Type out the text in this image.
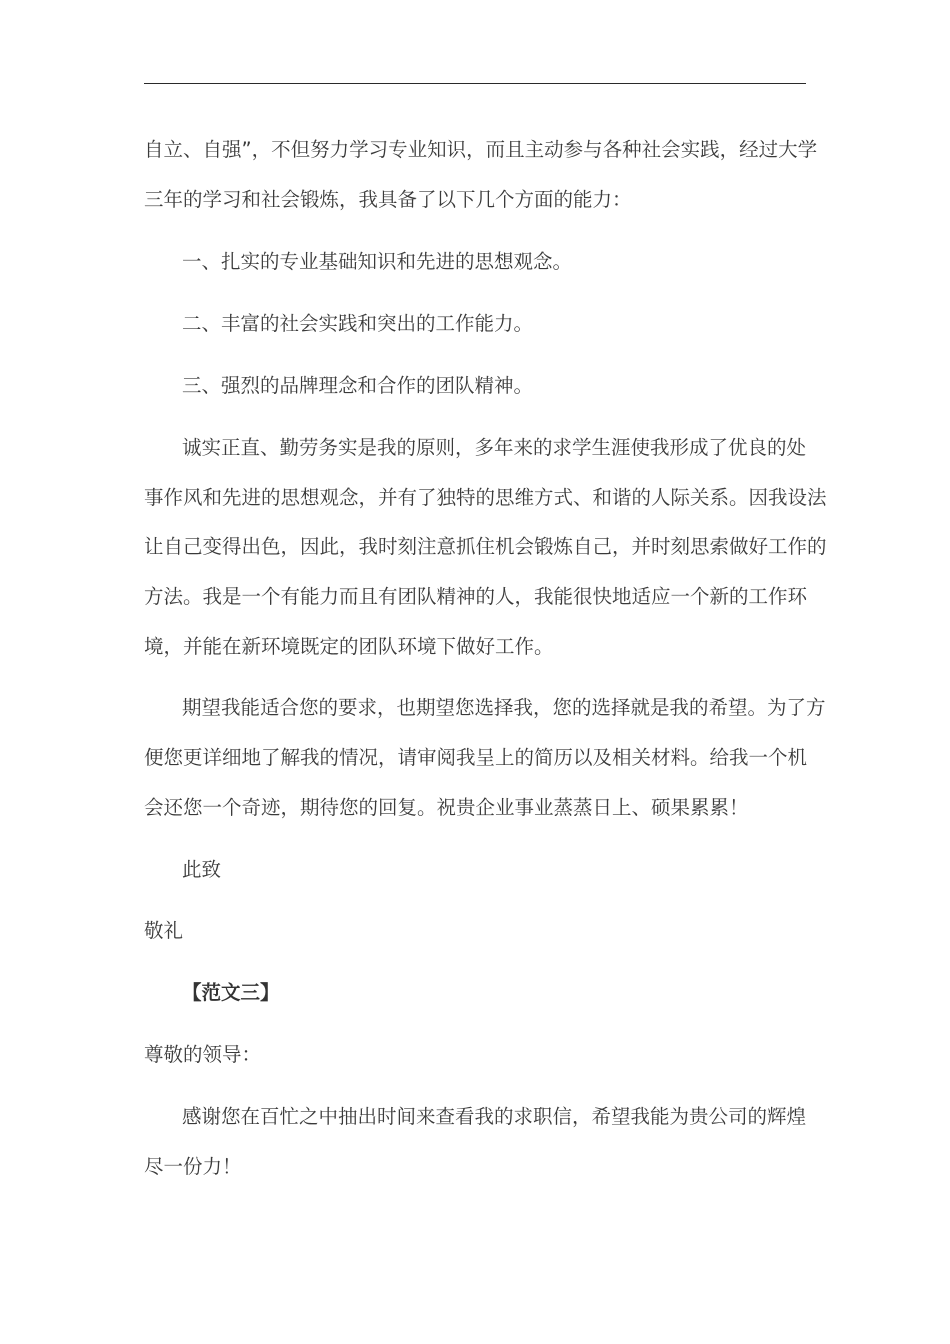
自立、自强”，不但努力学习专业知识，而且主动参与各种社会实践，经过大学
三年的学习和社会锻炼，我具备了以下几个方面的能力：
一、扎实的专业基础知识和先进的思想观念。
二、丰富的社会实践和突出的工作能力。
三、强烈的品牌理念和合作的团队精神。
诚实正直、勤劳务实是我的原则，多年来的求学生涯使我形成了优良的处
事作风和先进的思想观念，并有了独特的思维方式、和谐的人际关系。因我设法
让自己变得出色，因此，我时刻注意抓住机会锻炼自己，并时刻思索做好工作的
方法。我是一个有能力而且有团队精神的人，我能很快地适应一个新的工作环
境，并能在新环境既定的团队环境下做好工作。
期望我能适合您的要求，也期望您选择我，您的选择就是我的希望。为了方
便您更详细地了解我的情况，请审阅我呈上的简历以及相关材料。给我一个机
会还您一个奇迹，期待您的回复。祝贵企业事业蒸蒸日上、硕果累累！
此致
敬礼
【范文三】
尊敬的领导：
感谢您在百忙之中抽出时间来查看我的求职信，希望我能为贵公司的辉煌
尽一份力！
